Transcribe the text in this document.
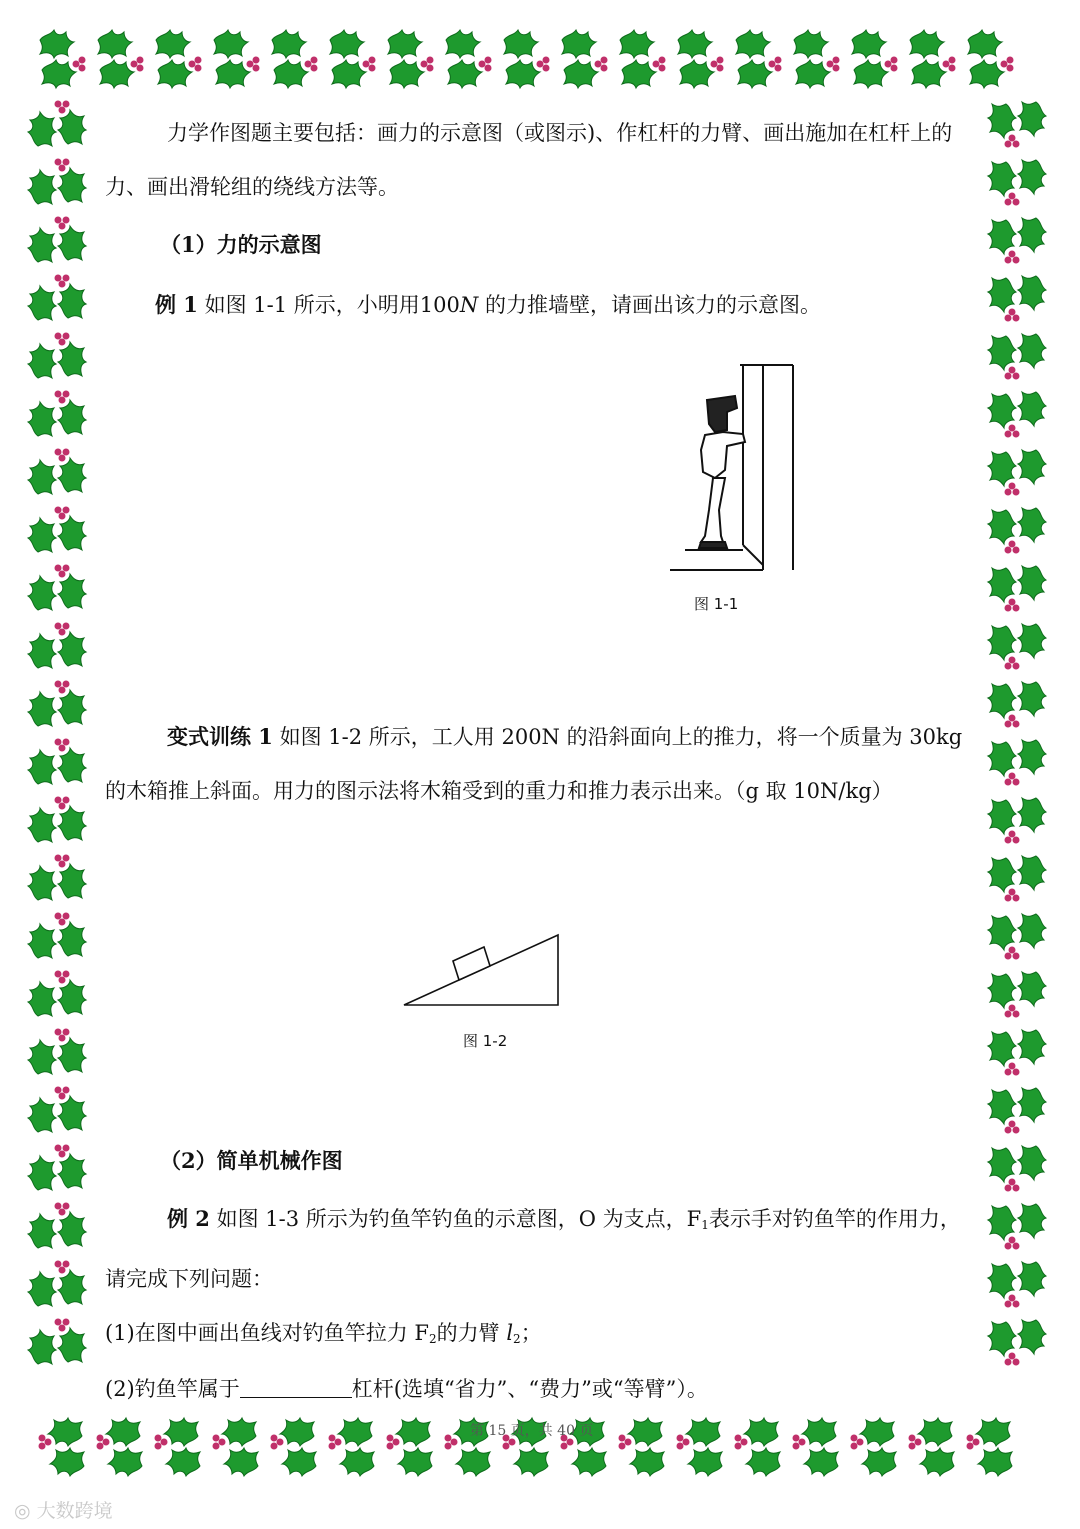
力学作图题主要包括：画力的示意图（或图示)、作杠杆的力臂、画出施加在杠杆上的力、画出滑轮组的绕线方法等。
（1）力的示意图
例 1 如图 1-1 所示，小明用100N 的力推墙壁，请画出该力的示意图。
图 1-1
变式训练 1 如图 1-2 所示，工人用 200N 的沿斜面向上的推力，将一个质量为 30kg 的木箱推上斜面。用力的图示法将木箱受到的重力和推力表示出来。（g 取 10N/kg）
图 1-2
（2）简单机械作图
例 2 如图 1-3 所示为钓鱼竿钓鱼的示意图，O 为支点，$F_1$表示手对钓鱼竿的作用力，请完成下列问题：
(1)在图中画出鱼线对钓鱼竿拉力 $F_2$的力臂 $l_2$；
(2)钓鱼竿属于	杠杆(选填“省力”、“费力”或“等臂”）。
第 15 页，共 40 页
◎ 大数跨境
